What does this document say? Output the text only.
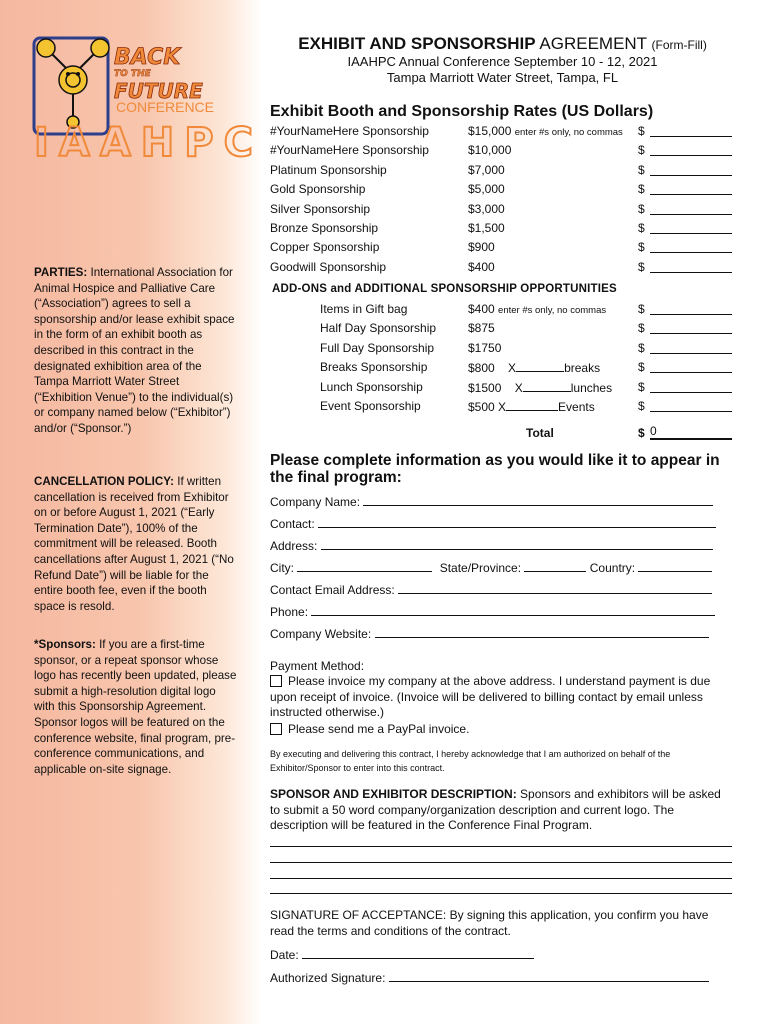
BACK
TO THE
FUTURE
CONFERENCE
IAAHPC
PARTIES: International Association for Animal Hospice and Palliative Care (“Association”) agrees to sell a sponsorship and/or lease exhibit space in the form of an exhibit booth as described in this contract in the designated exhibition area of the Tampa Marriott Water Street (“Exhibition Venue”) to the individual(s) or company named below (“Exhibitor”) and/or (“Sponsor.”)
CANCELLATION POLICY: If written cancellation is received from Exhibitor on or before August 1, 2021 (“Early Termination Date”), 100% of the commitment will be released. Booth cancellations after August 1, 2021 (“No Refund Date”) will be liable for the entire booth fee, even if the booth space is resold.
*Sponsors: If you are a first-time sponsor, or a repeat sponsor whose logo has recently been updated, please submit a high-resolution digital logo with this Sponsorship Agreement. Sponsor logos will be featured on the conference website, final program, pre-conference communications, and applicable on-site signage.
EXHIBIT AND SPONSORSHIP AGREEMENT (Form-Fill)
IAAHPC Annual Conference September 10 - 12, 2021
Tampa Marriott Water Street, Tampa, FL
Exhibit Booth and Sponsorship Rates (US Dollars)
#YourNameHere Sponsorship	$15,000 enter #s only, no commas $
#YourNameHere Sponsorship	$10,000	$
Platinum Sponsorship	$7,000	$
Gold Sponsorship	$5,000	$
Silver Sponsorship	$3,000	$
Bronze Sponsorship	$1,500	$
Copper Sponsorship	$900	$
Goodwill Sponsorship	$400	$
ADD-ONS and ADDITIONAL SPONSORSHIP OPPORTUNITIES
Items in Gift bag	$400 enter #s only, no commas	$
Half Day Sponsorship	$875	$
Full Day Sponsorship	$1750	$
Breaks Sponsorship	$800 X	breaks	$
Lunch Sponsorship	$1500 X	lunches $
Event Sponsorship	$500 X	Events	$
Total	$ 0
Please complete information as you would like it to appear in the final program:
Company Name:
Contact:
Address:
City:	State/Province:	Country:
Contact Email Address:
Phone:
Company Website:
Payment Method:
Please invoice my company at the above address. I understand payment is due upon receipt of invoice. (Invoice will be delivered to billing contact by email unless instructed otherwise.)
Please send me a PayPal invoice.
By executing and delivering this contract, I hereby acknowledge that I am authorized on behalf of the Exhibitor/Sponsor to enter into this contract.
SPONSOR AND EXHIBITOR DESCRIPTION: Sponsors and exhibitors will be asked to submit a 50 word company/organization description and current logo. The description will be featured in the Conference Final Program.
SIGNATURE OF ACCEPTANCE: By signing this application, you confirm you have read the terms and conditions of the contract.
Date:
Authorized Signature:
